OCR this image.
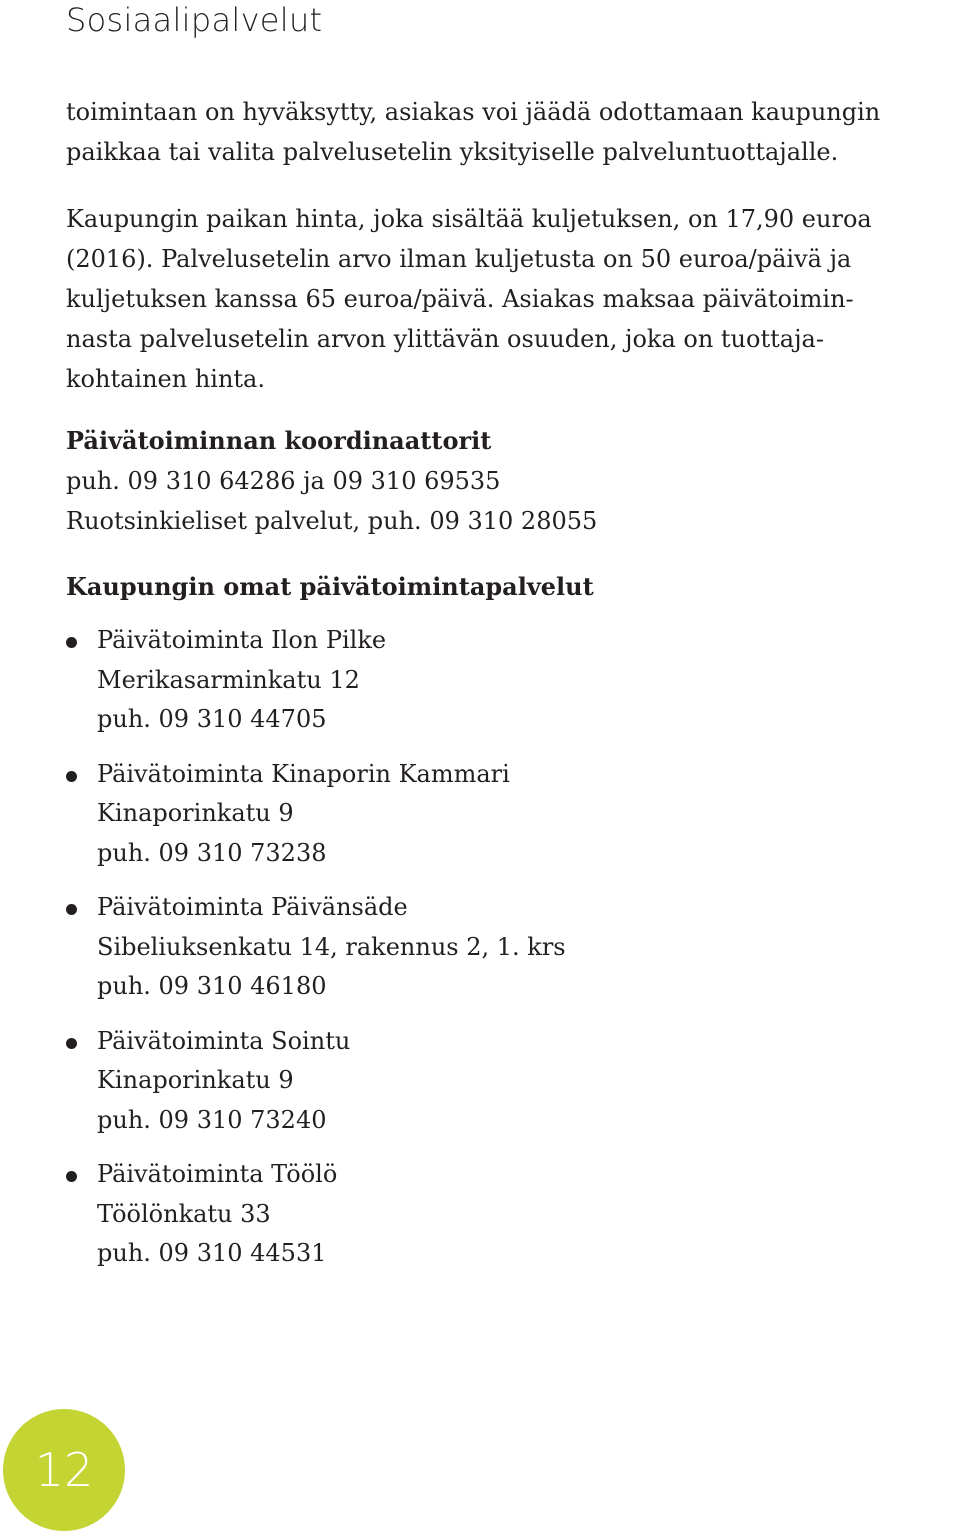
Sosiaalipalvelut

toimintaan on hyväksytty, asiakas voi jäädä odottamaan kaupungin
paikkaa tai valita palvelusetelin yksityiselle palveluntuottajalle.

Kaupungin paikan hinta, joka sisältää kuljetuksen, on 17,90 euroa
(2016). Palvelusetelin arvo ilman kuljetusta on 50 euroa/päivä ja
kuljetuksen kanssa 65 euroa/päivä. Asiakas maksaa päivätoimin-
nasta palvelusetelin arvon ylittävän osuuden, joka on tuottaja-
kohtainen hinta.

Päivätoiminnan koordinaattorit

puh. 09 310 64286 ja 09 310 69535

Ruotsinkieliset palvelut, puh. 09 310 28055

Kaupungin omat päivätoimintapalvelut

Päivätoiminta Ilon Pilke
Merikasarminkatu 12
puh. 09 310 44705
Päivätoiminta Kinaporin Kammari
Kinaporinkatu 9
puh. 09 310 73238
Päivätoiminta Päivänsäde
Sibeliuksenkatu 14, rakennus 2, 1. krs
puh. 09 310 46180
Päivätoiminta Sointu
Kinaporinkatu 9
puh. 09 310 73240
Päivätoiminta Töölö
Töölönkatu 33
puh. 09 310 44531
12
